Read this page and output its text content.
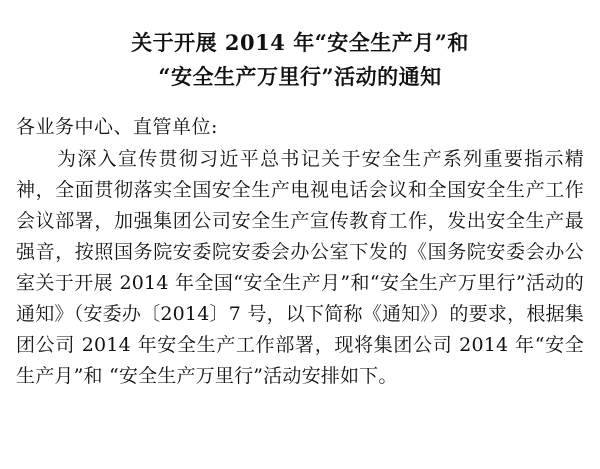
关于开展 2014 年“安全生产月”和
“安全生产万里行”活动的通知
各业务中心、直管单位:
为深入宣传贯彻习近平总书记关于安全生产系列重要指示精神，全面贯彻落实全国安全生产电视电话会议和全国安全生产工作会议部署，加强集团公司安全生产宣传教育工作，发出安全生产最强音，按照国务院安委院安委会办公室下发的《国务院安委会办公室关于开展 2014 年全国“安全生产月”和“安全生产万里行”活动的通知》（安委办〔2014〕7 号，以下简称《通知》）的要求，根据集团公司 2014 年安全生产工作部署，现将集团公司 2014 年“安全生产月”和 “安全生产万里行”活动安排如下。
